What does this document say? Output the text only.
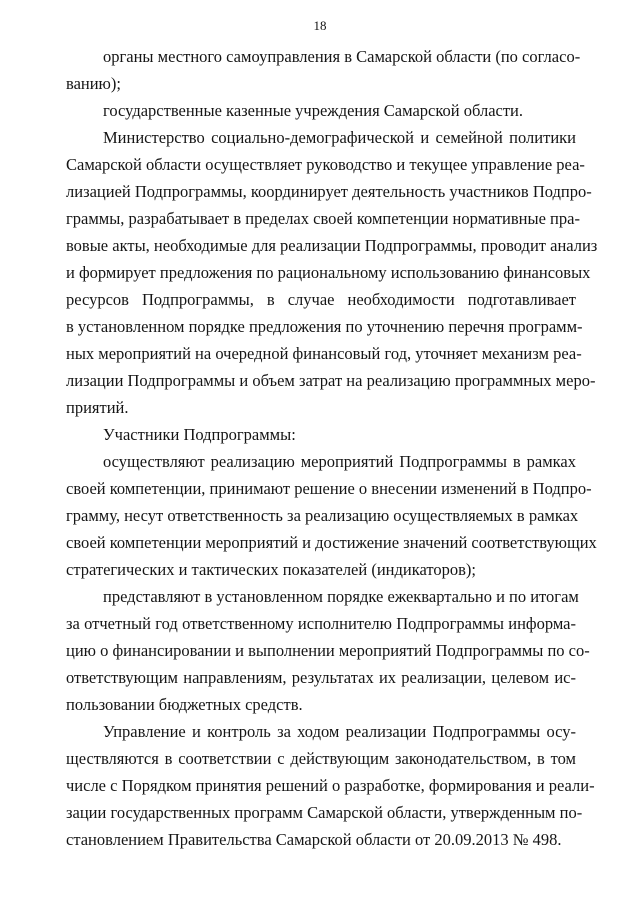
18
органы местного самоуправления в Самарской области (по согласо-
ванию);
государственные казенные учреждения Самарской области.
Министерство социально-демографической и семейной политики
Самарской области осуществляет руководство и текущее управление реа-
лизацией Подпрограммы, координирует деятельность участников Подпро-
граммы, разрабатывает в пределах своей компетенции нормативные пра-
вовые акты, необходимые для реализации Подпрограммы, проводит анализ
и формирует предложения по рациональному использованию финансовых
ресурсов Подпрограммы, в случае необходимости подготавливает
в установленном порядке предложения по уточнению перечня программ-
ных мероприятий на очередной финансовый год, уточняет механизм реа-
лизации Подпрограммы и объем затрат на реализацию программных меро-
приятий.
Участники Подпрограммы:
осуществляют реализацию мероприятий Подпрограммы в рамках
своей компетенции, принимают решение о внесении изменений в Подпро-
грамму, несут ответственность за реализацию осуществляемых в рамках
своей компетенции мероприятий и достижение значений соответствующих
стратегических и тактических показателей (индикаторов);
представляют в установленном порядке ежеквартально и по итогам
за отчетный год ответственному исполнителю Подпрограммы информа-
цию о финансировании и выполнении мероприятий Подпрограммы по со-
ответствующим направлениям, результатах их реализации, целевом ис-
пользовании бюджетных средств.
Управление и контроль за ходом реализации Подпрограммы осу-
ществляются в соответствии с действующим законодательством, в том
числе с Порядком принятия решений о разработке, формирования и реали-
зации государственных программ Самарской области, утвержденным по-
становлением Правительства Самарской области от 20.09.2013 № 498.
